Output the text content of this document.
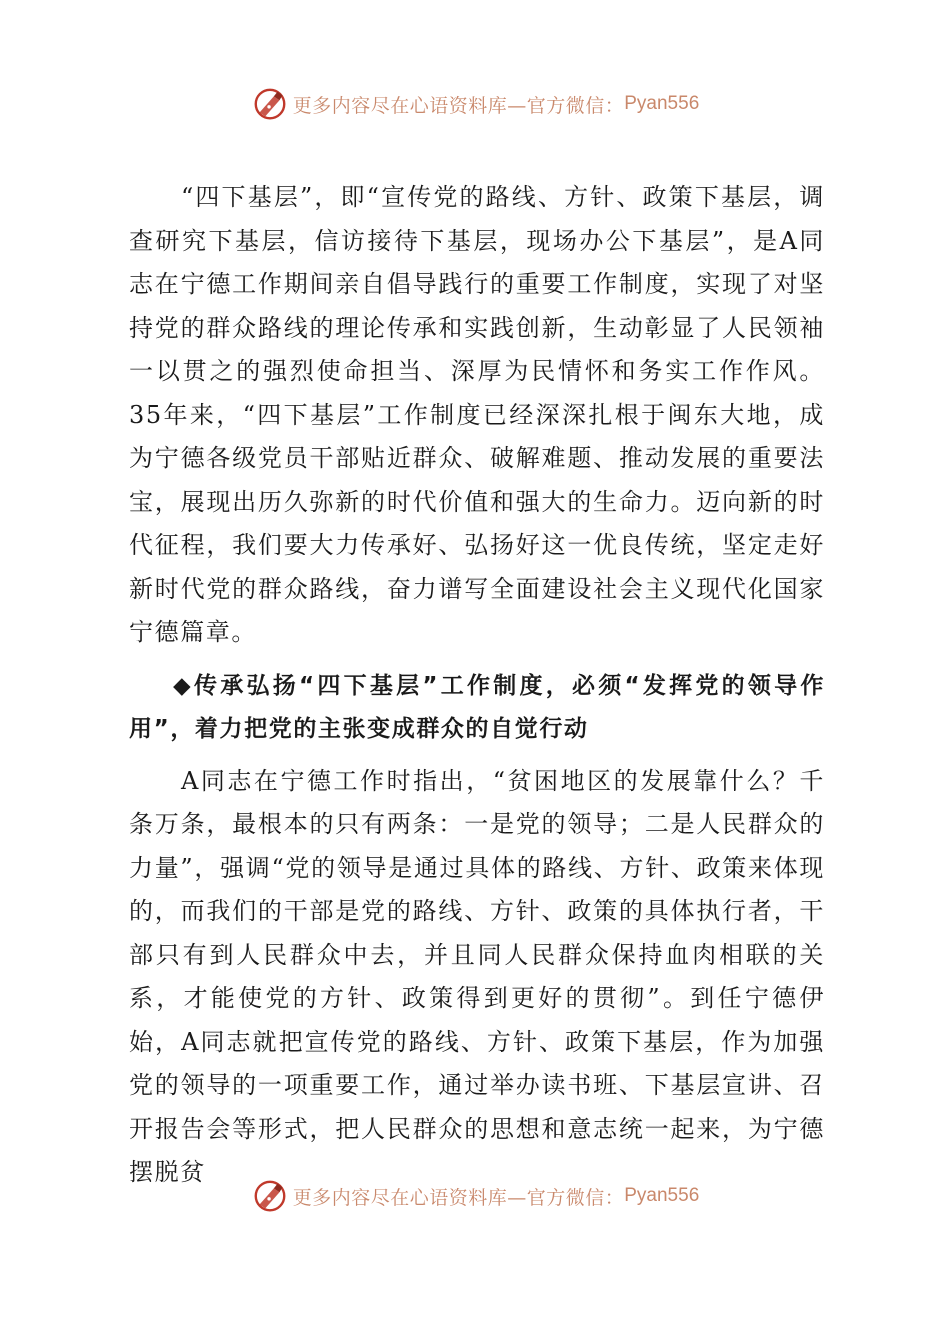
更多内容尽在心语资料库—官方微信： Pyan556

“四下基层”，即“宣传党的路线、方针、政策下基层，调查研究下基层，信访接待下基层，现场办公下基层”，是A同志在宁德工作期间亲自倡导践行的重要工作制度，实现了对坚持党的群众路线的理论传承和实践创新，生动彰显了人民领袖一以贯之的强烈使命担当、深厚为民情怀和务实工作作风。35年来，“四下基层”工作制度已经深深扎根于闽东大地，成为宁德各级党员干部贴近群众、破解难题、推动发展的重要法宝，展现出历久弥新的时代价值和强大的生命力。迈向新的时代征程，我们要大力传承好、弘扬好这一优良传统，坚定走好新时代党的群众路线，奋力谱写全面建设社会主义现代化国家宁德篇章。

◆传承弘扬“四下基层”工作制度，必须“发挥党的领导作用”，着力把党的主张变成群众的自觉行动

A同志在宁德工作时指出，“贫困地区的发展靠什么？千条万条，最根本的只有两条：一是党的领导；二是人民群众的力量”，强调“党的领导是通过具体的路线、方针、政策来体现的，而我们的干部是党的路线、方针、政策的具体执行者，干部只有到人民群众中去，并且同人民群众保持血肉相联的关系，才能使党的方针、政策得到更好的贯彻”。到任宁德伊始，A同志就把宣传党的路线、方针、政策下基层，作为加强党的领导的一项重要工作，通过举办读书班、下基层宣讲、召开报告会等形式，把人民群众的思想和意志统一起来，为宁德摆脱贫

更多内容尽在心语资料库—官方微信： Pyan556
